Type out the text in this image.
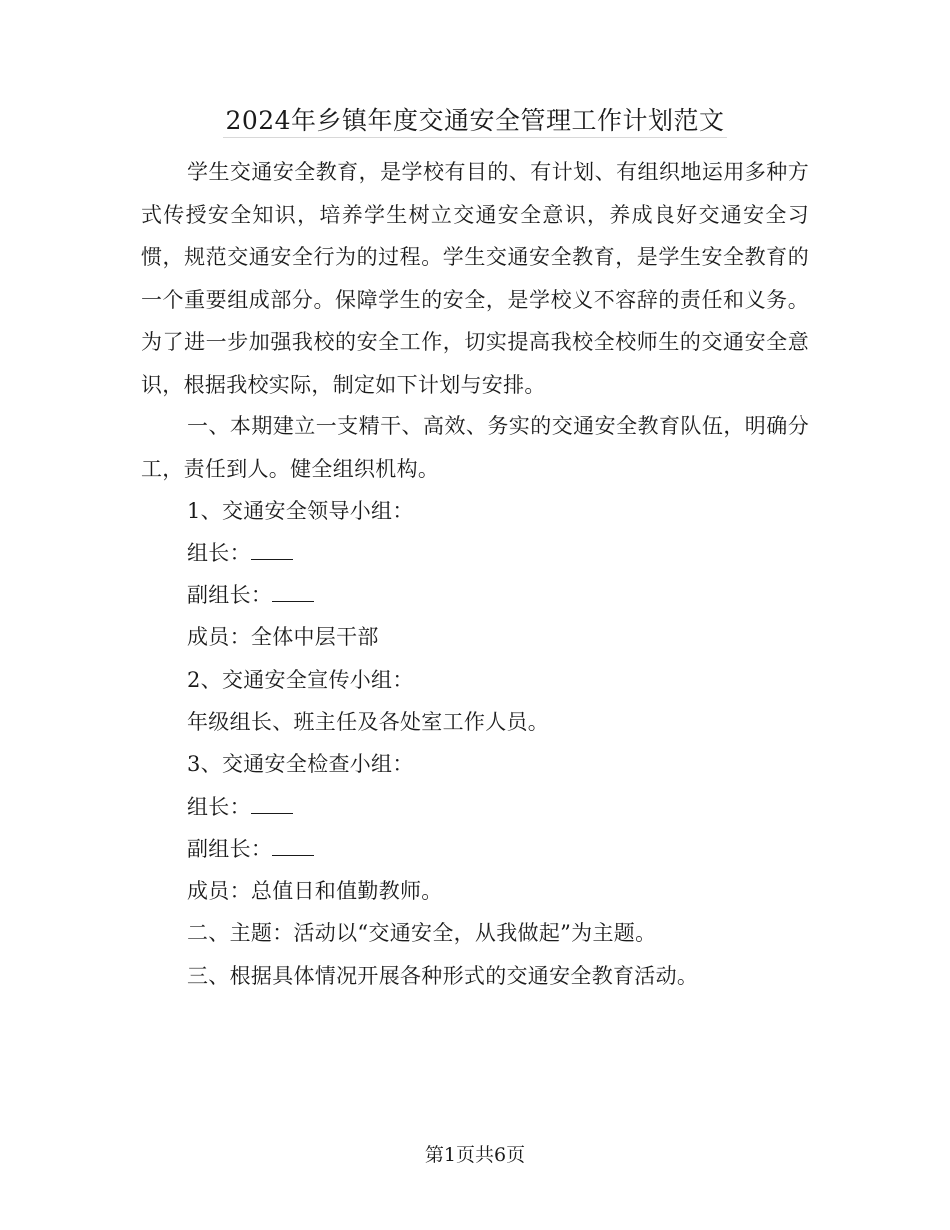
2024年乡镇年度交通安全管理工作计划范文

学生交通安全教育，是学校有目的、有计划、有组织地运用多种方式传授安全知识，培养学生树立交通安全意识，养成良好交通安全习惯，规范交通安全行为的过程。学生交通安全教育，是学生安全教育的一个重要组成部分。保障学生的安全，是学校义不容辞的责任和义务。为了进一步加强我校的安全工作，切实提高我校全校师生的交通安全意识，根据我校实际，制定如下计划与安排。

一、本期建立一支精干、高效、务实的交通安全教育队伍，明确分工，责任到人。健全组织机构。

1、交通安全领导小组：
组长：
副组长：
成员：全体中层干部
2、交通安全宣传小组：
年级组长、班主任及各处室工作人员。
3、交通安全检查小组：
组长：
副组长：
成员：总值日和值勤教师。
二、主题：活动以“交通安全，从我做起”为主题。
三、根据具体情况开展各种形式的交通安全教育活动。
第1页共6页
